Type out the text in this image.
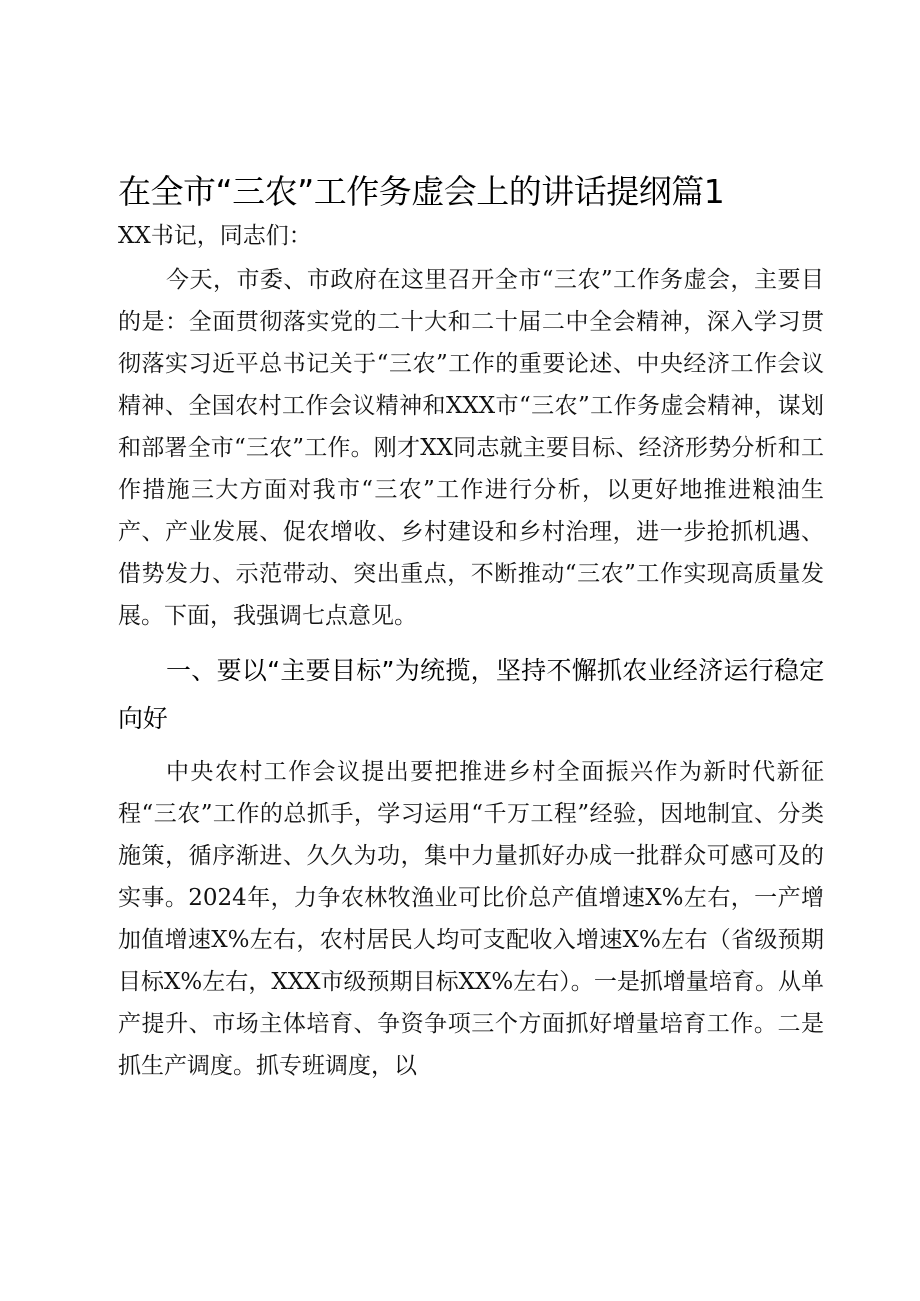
在全市“三农”工作务虚会上的讲话提纲篇1

XX书记，同志们：

今天，市委、市政府在这里召开全市“三农”工作务虚会，主要目的是：全面贯彻落实党的二十大和二十届二中全会精神，深入学习贯彻落实习近平总书记关于“三农”工作的重要论述、中央经济工作会议精神、全国农村工作会议精神和XXX市“三农”工作务虚会精神，谋划和部署全市“三农”工作。刚才XX同志就主要目标、经济形势分析和工作措施三大方面对我市“三农”工作进行分析，以更好地推进粮油生产、产业发展、促农增收、乡村建设和乡村治理，进一步抢抓机遇、借势发力、示范带动、突出重点，不断推动“三农”工作实现高质量发展。下面，我强调七点意见。

一、要以“主要目标”为统揽，坚持不懈抓农业经济运行稳定向好

中央农村工作会议提出要把推进乡村全面振兴作为新时代新征程“三农”工作的总抓手，学习运用“千万工程”经验，因地制宜、分类施策，循序渐进、久久为功，集中力量抓好办成一批群众可感可及的实事。2024年，力争农林牧渔业可比价总产值增速X%左右，一产增加值增速X%左右，农村居民人均可支配收入增速X%左右（省级预期目标X%左右，XXX市级预期目标XX%左右）。一是抓增量培育。从单产提升、市场主体培育、争资争项三个方面抓好增量培育工作。二是抓生产调度。抓专班调度，以
